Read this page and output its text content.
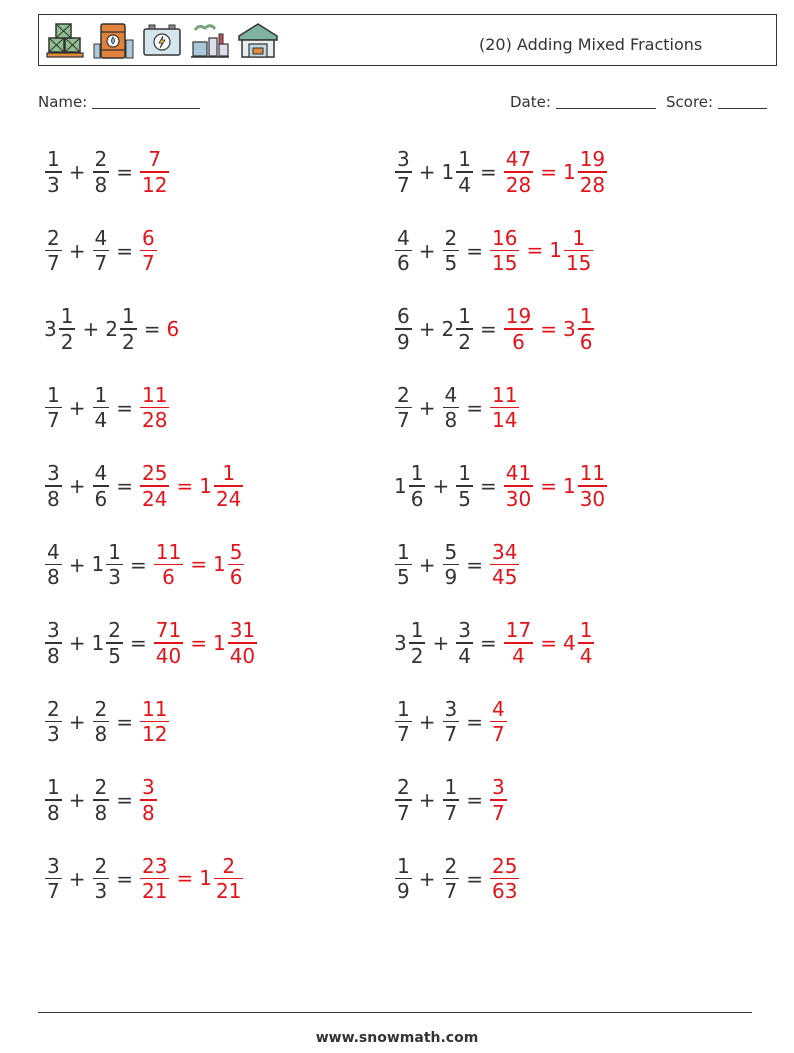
(20) Adding Mixed Fractions
Name:	Date:	Score:
$\frac{1}{3} + \frac{2}{8} = \frac{7}{12}$	$\frac{3}{7} + 1 \frac{1}{4} = \frac{47}{28} = 1 \frac{19}{28}$
$\frac{2}{7} + \frac{4}{7} = \frac{6}{7}$	$\frac{4}{6} + \frac{2}{5} = \frac{16}{15} = 1 \frac{1}{15}$
$3 \frac{1}{2} + 2 \frac{1}{2} = 6$	$\frac{6}{9} + 2 \frac{1}{2} = \frac{19}{6} = 3 \frac{1}{6}$
$\frac{1}{7} + \frac{1}{4} = \frac{11}{28}$	$\frac{2}{7} + \frac{4}{8} = \frac{11}{14}$
$\frac{3}{8} + \frac{4}{6} = \frac{25}{24} = 1 \frac{1}{24}$	$1 \frac{1}{6} + \frac{1}{5} = \frac{41}{30} = 1 \frac{11}{30}$
$\frac{4}{8} + 1 \frac{1}{3} = \frac{11}{6} = 1 \frac{5}{6}$	$\frac{1}{5} + \frac{5}{9} = \frac{34}{45}$
$\frac{3}{8} + 1 \frac{2}{5} = \frac{71}{40} = 1 \frac{31}{40}$	$3 \frac{1}{2} + \frac{3}{4} = \frac{17}{4} = 4 \frac{1}{4}$
$\frac{2}{3} + \frac{2}{8} = \frac{11}{12}$	$\frac{1}{7} + \frac{3}{7} = \frac{4}{7}$
$\frac{1}{8} + \frac{2}{8} = \frac{3}{8}$	$\frac{2}{7} + \frac{1}{7} = \frac{3}{7}$
$\frac{3}{7} + \frac{2}{3} = \frac{23}{21} = 1 \frac{2}{21}$	$\frac{1}{9} + \frac{2}{7} = \frac{25}{63}$
www.snowmath.com
